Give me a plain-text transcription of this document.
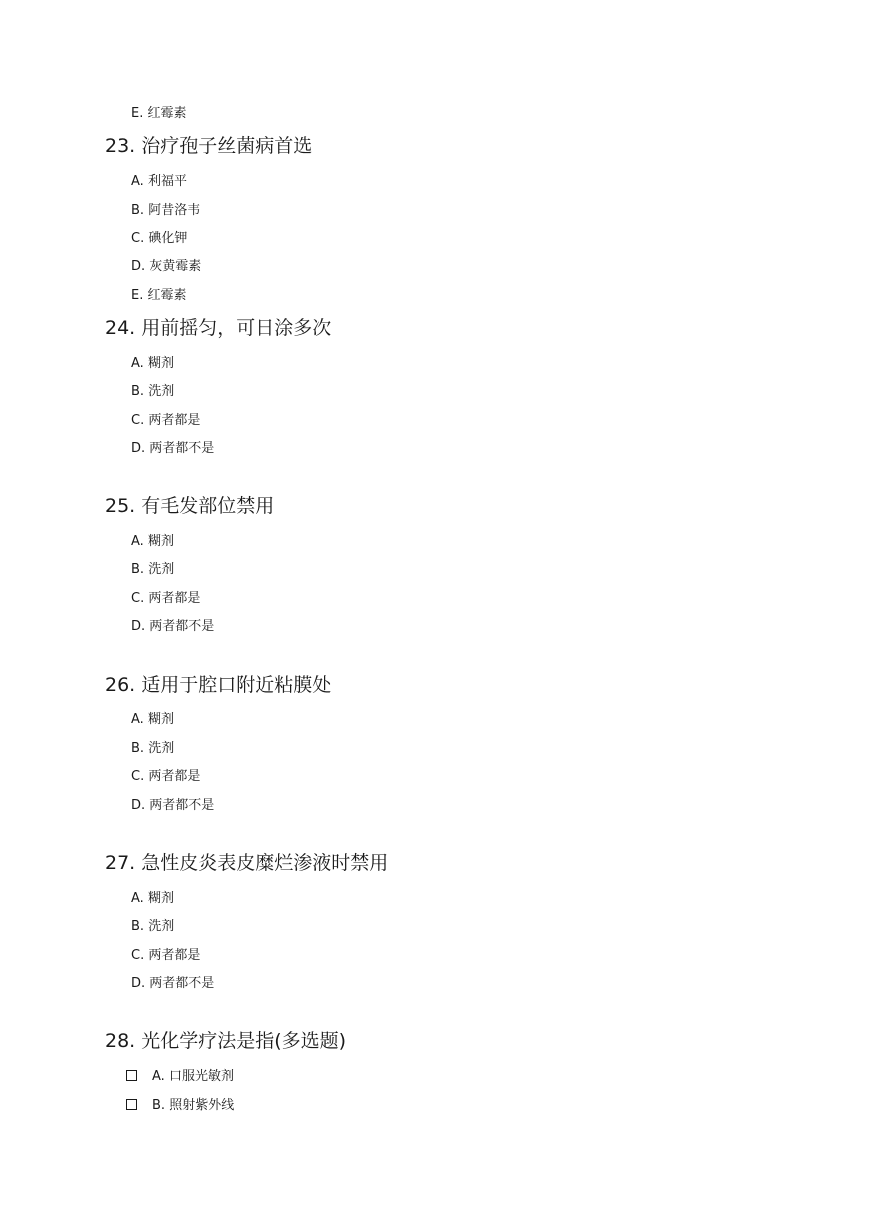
E. 红霉素
23. 治疗孢子丝菌病首选
A. 利福平
B. 阿昔洛韦
C. 碘化钾
D. 灰黄霉素
E. 红霉素
24. 用前摇匀，可日涂多次
A. 糊剂
B. 洗剂
C. 两者都是
D. 两者都不是
25. 有毛发部位禁用
A. 糊剂
B. 洗剂
C. 两者都是
D. 两者都不是
26. 适用于腔口附近粘膜处
A. 糊剂
B. 洗剂
C. 两者都是
D. 两者都不是
27. 急性皮炎表皮糜烂渗液时禁用
A. 糊剂
B. 洗剂
C. 两者都是
D. 两者都不是
28. 光化学疗法是指(多选题)
A. 口服光敏剂
B. 照射紫外线
